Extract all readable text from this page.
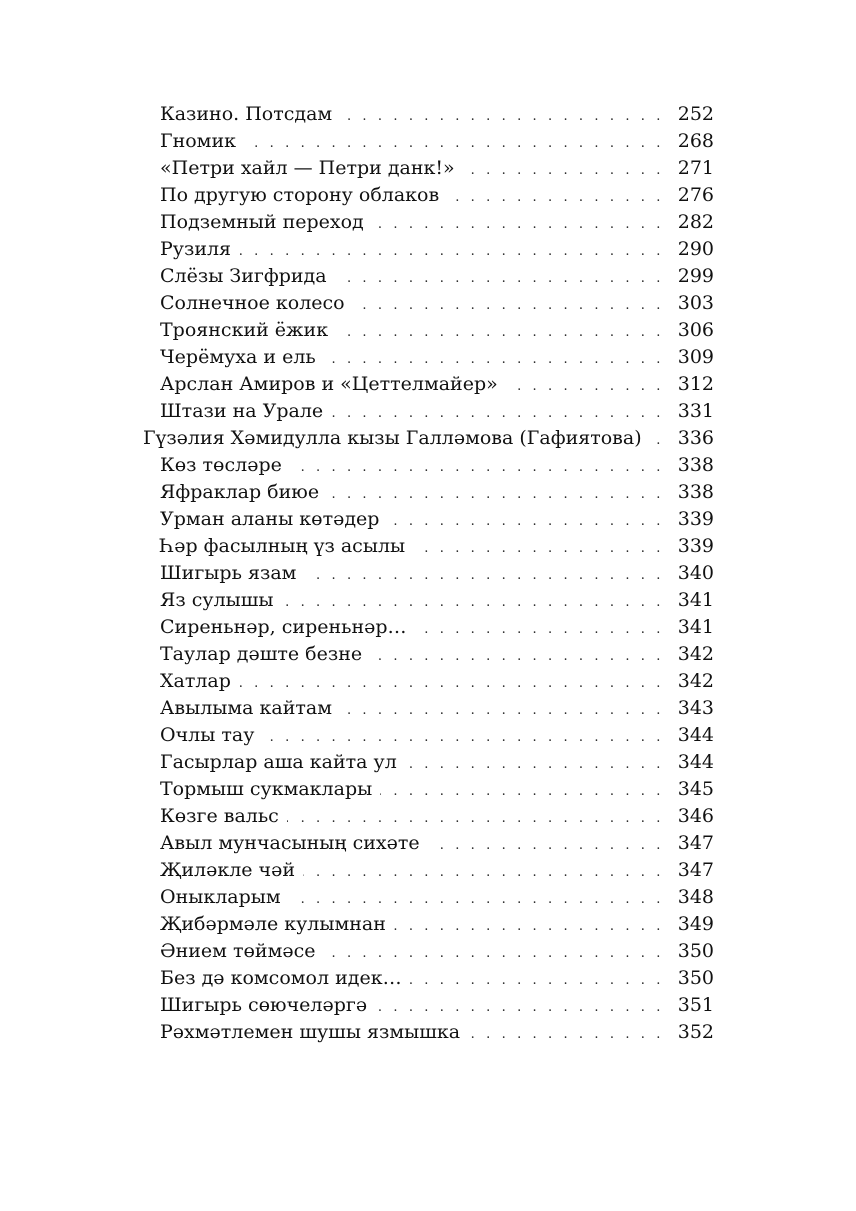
Казино. Потсдам . . .	252
Гномик . . .	268
«Петри хайл — Петри данк!» . . .	271
По другую сторону облаков . . .	276
Подземный переход . . .	282
Рузиля . . .	290
Слёзы Зигфрида . . .	299
Солнечное колесо . . .	303
Троянский ёжик . . .	306
Черёмуха и ель . . .	309
Арслан Амиров и «Цеттелмайер» . . .	312
Штази на Урале . . .	331
Гүзәлия Хәмидулла кызы Галләмова (Гафиятова) . . .	336
Көз төсләре . . .	338
Яфраклар биюе . . .	338
Урман аланы көтәдер . . .	339
Һәр фасылның үз асылы . . .	339
Шигырь язам . . .	340
Яз сулышы . . .	341
Сиреньнәр, сиреньнәр… . . .	341
Таулар дәште безне . . .	342
Хатлар . . .	342
Авылыма кайтам . . .	343
Очлы тау . . .	344
Гасырлар аша кайта ул . . .	344
Тормыш сукмаклары . . .	345
Көзге вальс . . .	346
Авыл мунчасының сихәте . . .	347
Җиләкле чәй . . .	347
Оныкларым . . .	348
Җибәрмәле кулымнан . . .	349
Әнием төймәсе . . .	350
Без дә комсомол идек… . . .	350
Шигырь сөючеләргә . . .	351
Рәхмәтлемен шушы язмышка . . .	352
